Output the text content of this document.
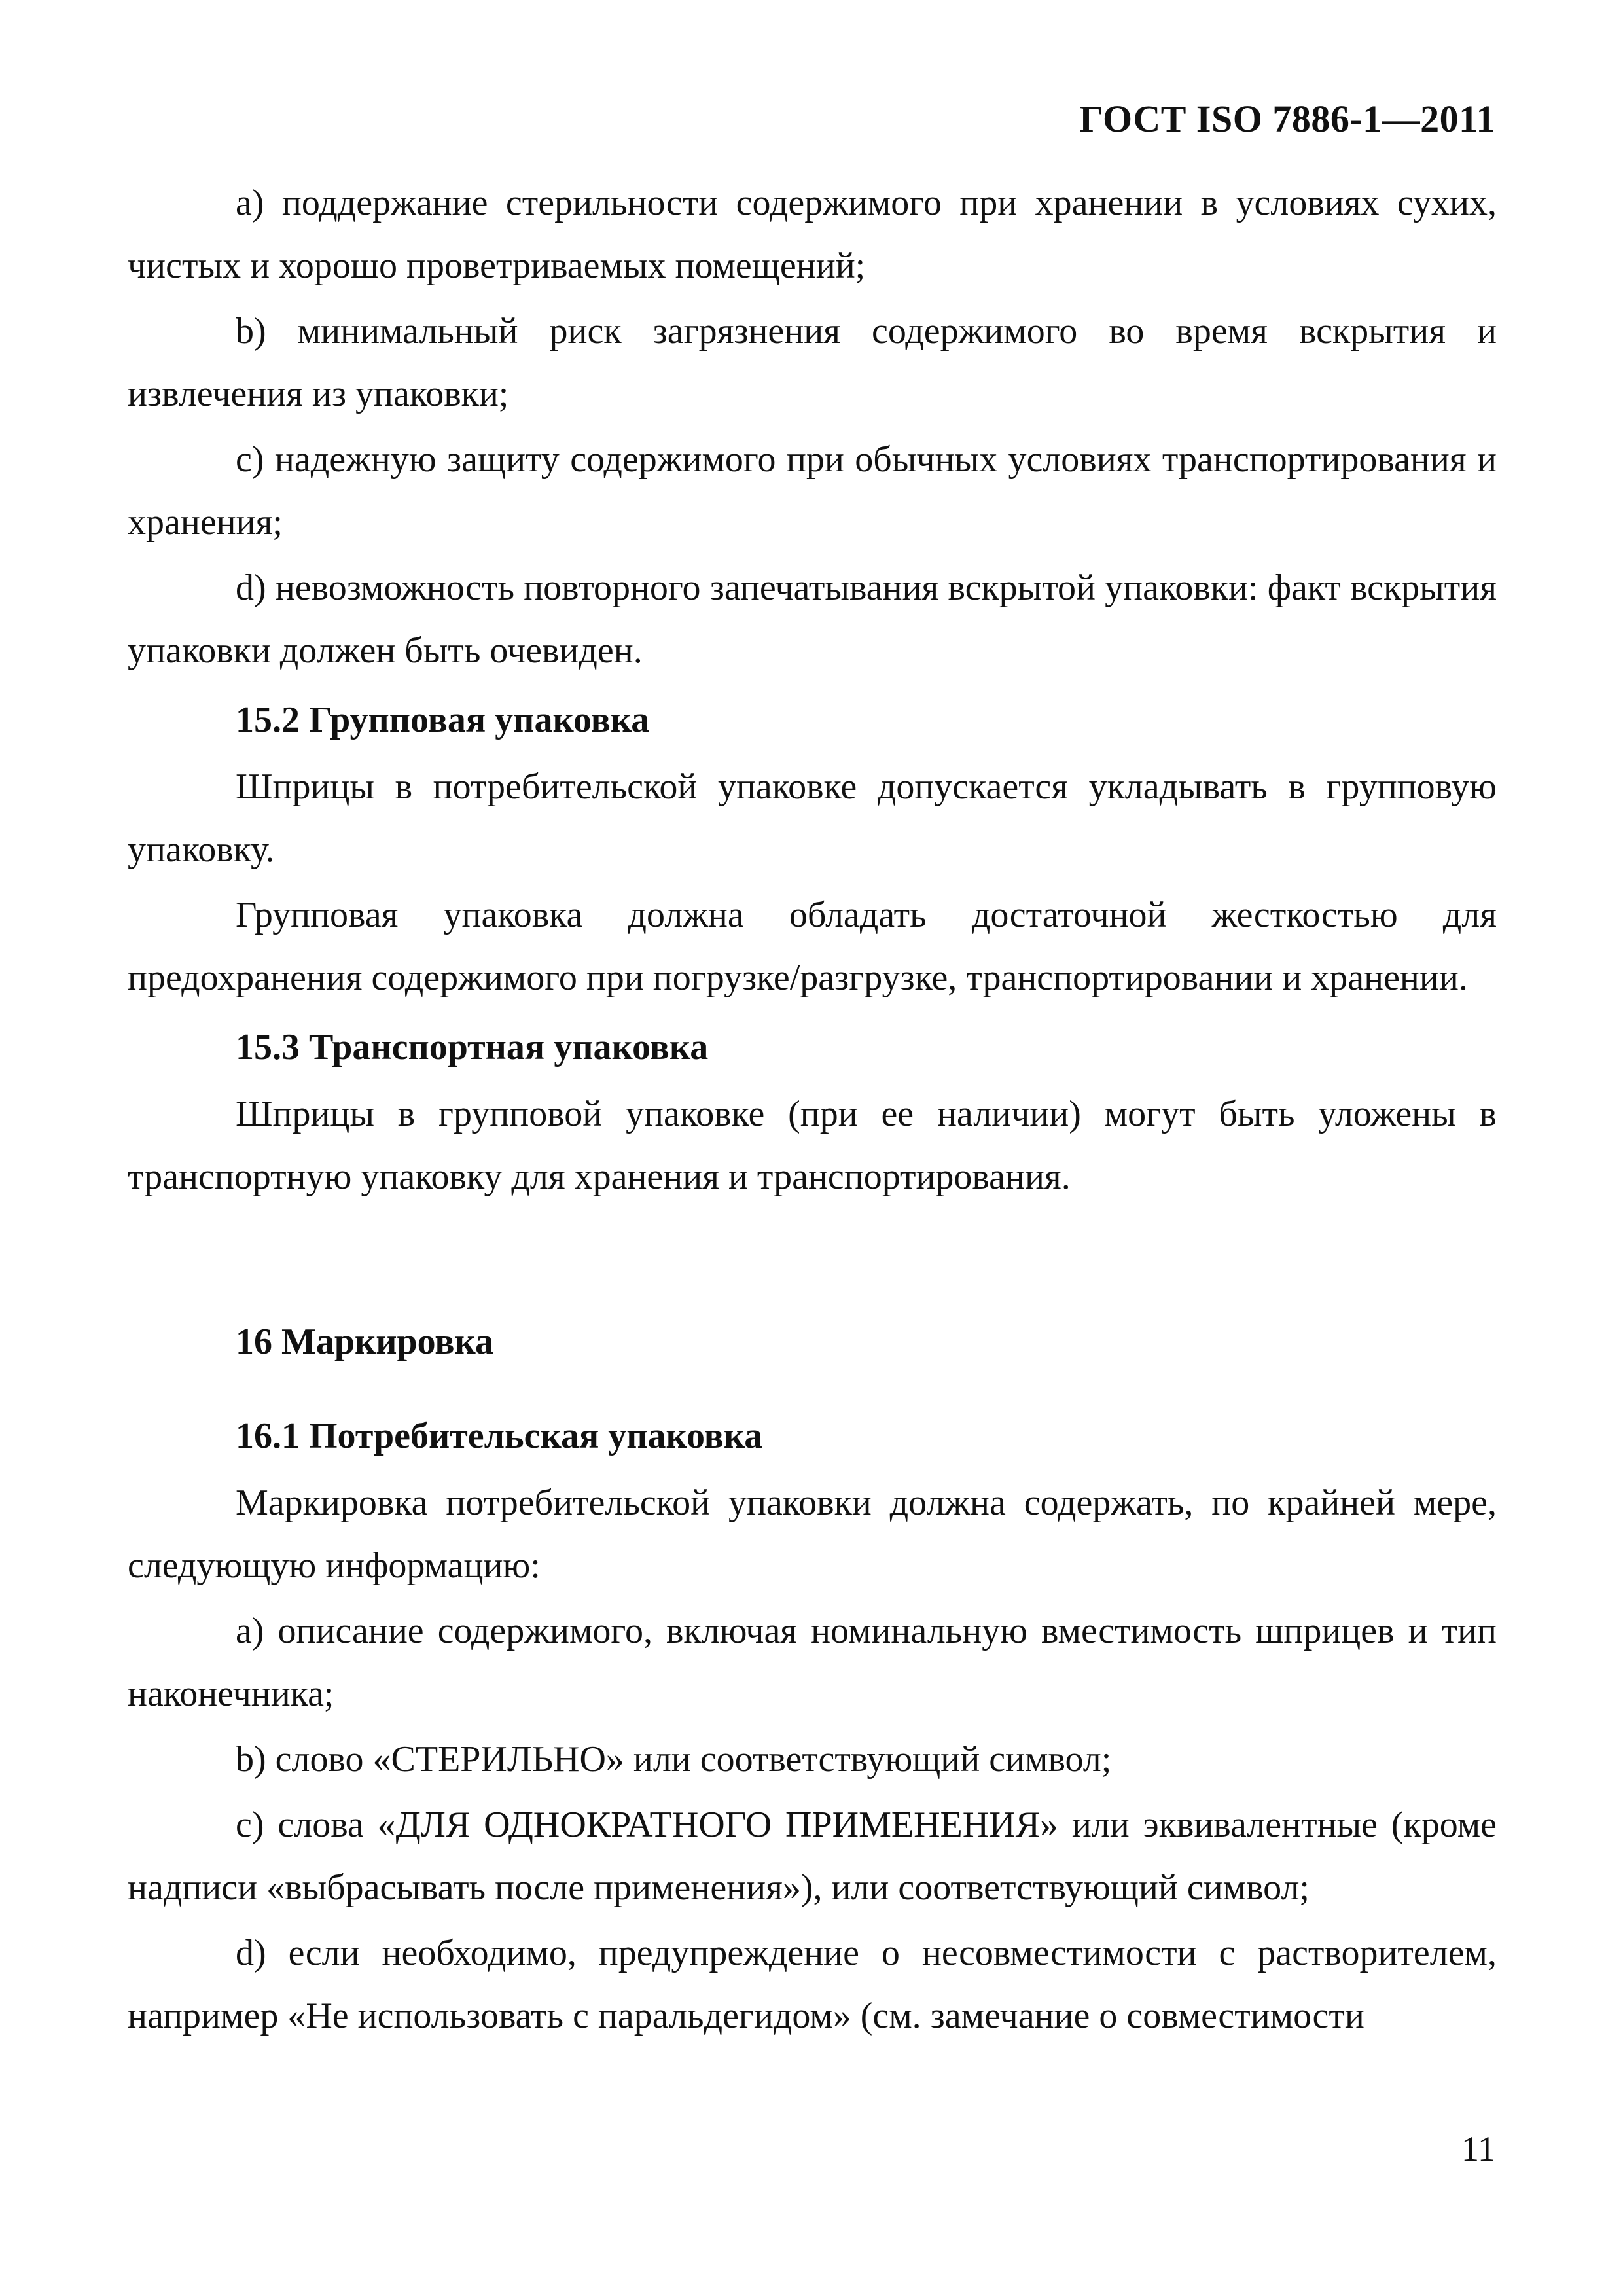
ГОСТ ISO 7886-1—2011

a) поддержание стерильности содержимого при хранении в условиях сухих, чистых и хорошо проветриваемых помещений;

b) минимальный риск загрязнения содержимого во время вскрытия и извлечения из упаковки;

c) надежную защиту содержимого при обычных условиях транспортирования и хранения;

d) невозможность повторного запечатывания вскрытой упаковки: факт вскрытия упаковки должен быть очевиден.

15.2 Групповая упаковка

Шприцы в потребительской упаковке допускается укладывать в групповую упаковку.

Групповая упаковка должна обладать достаточной жесткостью для предохранения содержимого при погрузке/разгрузке, транспортировании и хранении.

15.3 Транспортная упаковка

Шприцы в групповой упаковке (при ее наличии) могут быть уложены в транспортную упаковку для хранения и транспортирования.

16 Маркировка
16.1 Потребительская упаковка

Маркировка потребительской упаковки должна содержать, по крайней мере, следующую информацию:

a) описание содержимого, включая номинальную вместимость шприцев и тип наконечника;

b) слово «СТЕРИЛЬНО» или соответствующий символ;

c) слова «ДЛЯ ОДНОКРАТНОГО ПРИМЕНЕНИЯ» или эквивалентные (кроме надписи «выбрасывать после применения»), или соответствующий символ;

d) если необходимо, предупреждение о несовместимости с растворителем, например «Не использовать с паральдегидом» (см. замечание о совместимости

11
